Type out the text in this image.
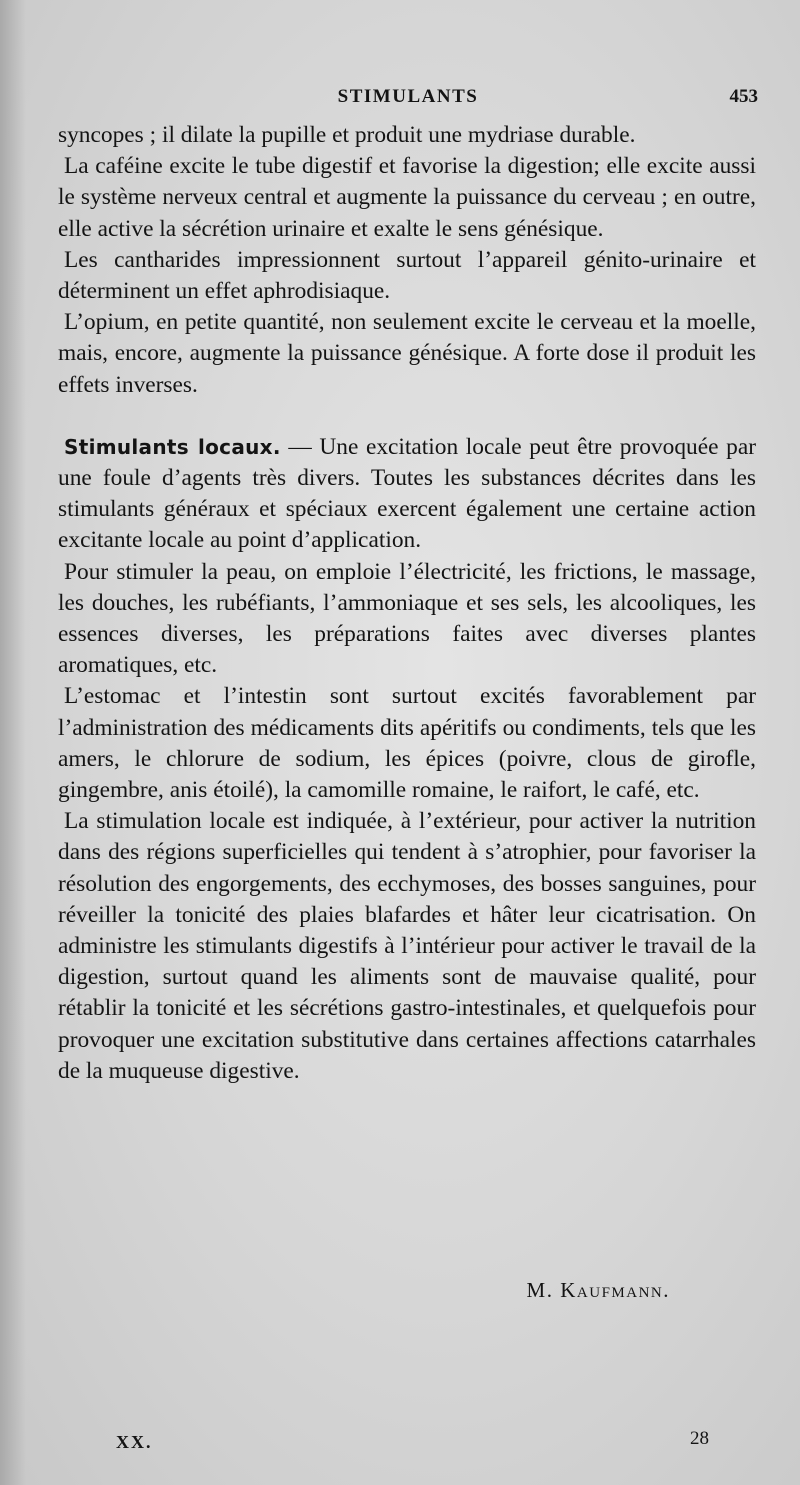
STIMULANTS	453

syncopes ; il dilate la pupille et produit une mydriase durable.

La caféine excite le tube digestif et favorise la digestion; elle excite aussi le système nerveux central et augmente la puissance du cerveau ; en outre, elle active la sécrétion urinaire et exalte le sens génésique.

Les cantharides impressionnent surtout l’appareil génito-urinaire et déterminent un effet aphrodisiaque.

L’opium, en petite quantité, non seulement excite le cerveau et la moelle, mais, encore, augmente la puissance génésique. A forte dose il produit les effets inverses.

Stimulants locaux. — Une excitation locale peut être provoquée par une foule d’agents très divers. Toutes les substances décrites dans les stimulants généraux et spéciaux exercent également une certaine action excitante locale au point d’application.

Pour stimuler la peau, on emploie l’électricité, les frictions, le massage, les douches, les rubéfiants, l’ammoniaque et ses sels, les alcooliques, les essences diverses, les préparations faites avec diverses plantes aromatiques, etc.

L’estomac et l’intestin sont surtout excités favorablement par l’administration des médicaments dits apéritifs ou condiments, tels que les amers, le chlorure de sodium, les épices (poivre, clous de girofle, gingembre, anis étoilé), la camomille romaine, le raifort, le café, etc.

La stimulation locale est indiquée, à l’extérieur, pour activer la nutrition dans des régions superficielles qui tendent à s’atrophier, pour favoriser la résolution des engorgements, des ecchymoses, des bosses sanguines, pour réveiller la tonicité des plaies blafardes et hâter leur cicatrisation. On administre les stimulants digestifs à l’intérieur pour activer le travail de la digestion, surtout quand les aliments sont de mauvaise qualité, pour rétablir la tonicité et les sécrétions gastro-intestinales, et quelquefois pour provoquer une excitation substitutive dans certaines affections catarrhales de la muqueuse digestive.

M. Kaufmann.
XX.	28
